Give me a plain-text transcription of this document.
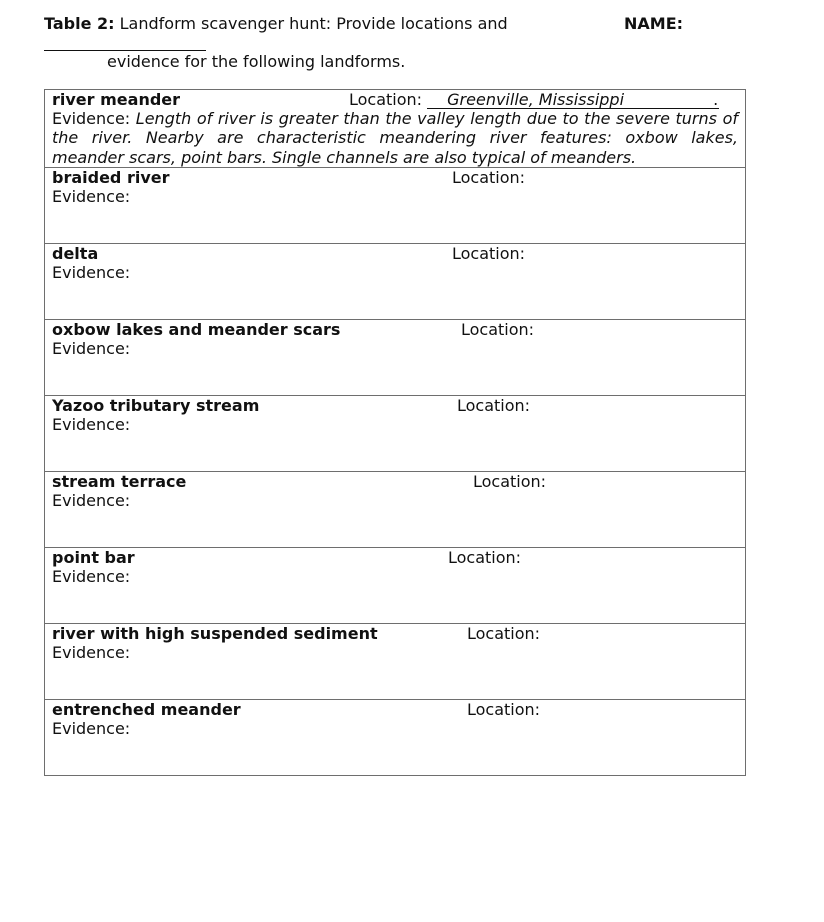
Table 2: Landform scavenger hunt: Provide locations and	NAME:
evidence for the following landforms.
river meander	Location: Greenville, Mississippi	.
Evidence: Length of river is greater than the valley length due to the severe turns of the river. Nearby are characteristic meandering river features: oxbow lakes, meander scars, point bars. Single channels are also typical of meanders.

braided river	Location:
Evidence:

delta	Location:
Evidence:

oxbow lakes and meander scars	Location:
Evidence:

Yazoo tributary stream	Location:
Evidence:

stream terrace	Location:
Evidence:

point bar	Location:
Evidence:

river with high suspended sediment	Location:
Evidence:

entrenched meander	Location:
Evidence:
